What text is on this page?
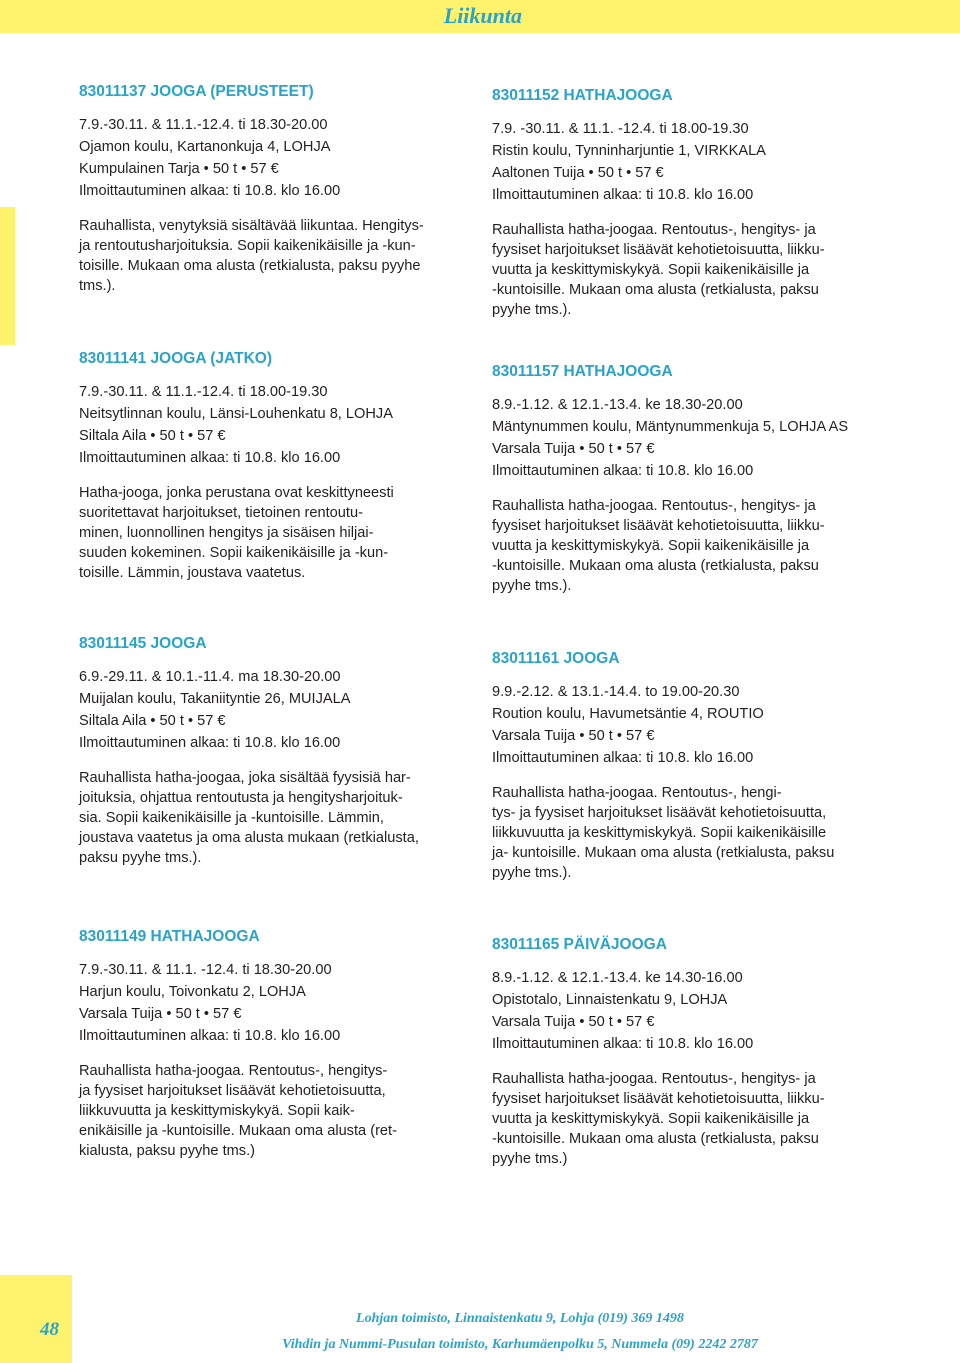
Liikunta
83011137 JOOGA (PERUSTEET)
7.9.-30.11. & 11.1.-12.4. ti 18.30-20.00
Ojamon koulu, Kartanonkuja 4, LOHJA
Kumpulainen Tarja • 50 t • 57 €
Ilmoittautuminen alkaa: ti 10.8. klo 16.00
Rauhallista, venytyksiä sisältävää liikuntaa. Hengitys-
ja rentoutusharjoituksia. Sopii kaikenikäisille ja -kun-
toisille. Mukaan oma alusta (retkialusta, paksu pyyhe
tms.).
83011141 JOOGA (JATKO)
7.9.-30.11. & 11.1.-12.4. ti 18.00-19.30
Neitsytlinnan koulu, Länsi-Louhenkatu 8, LOHJA
Siltala Aila • 50 t • 57 €
Ilmoittautuminen alkaa: ti 10.8. klo 16.00
Hatha-jooga, jonka perustana ovat keskittyneesti
suoritettavat harjoitukset, tietoinen rentoutu-
minen, luonnollinen hengitys ja sisäisen hiljai-
suuden kokeminen. Sopii kaikenikäisille ja -kun-
toisille. Lämmin, joustava vaatetus.
83011145 JOOGA
6.9.-29.11. & 10.1.-11.4. ma 18.30-20.00
Muijalan koulu, Takaniityntie 26, MUIJALA
Siltala Aila • 50 t • 57 €
Ilmoittautuminen alkaa: ti 10.8. klo 16.00
Rauhallista hatha-joogaa, joka sisältää fyysisiä har-
joituksia, ohjattua rentoutusta ja hengitysharjoituk-
sia. Sopii kaikenikäisille ja -kuntoisille. Lämmin,
joustava vaatetus ja oma alusta mukaan (retkialusta,
paksu pyyhe tms.).
83011149 HATHAJOOGA
7.9.-30.11. & 11.1. -12.4. ti 18.30-20.00
Harjun koulu, Toivonkatu 2, LOHJA
Varsala Tuija • 50 t • 57 €
Ilmoittautuminen alkaa: ti 10.8. klo 16.00
Rauhallista hatha-joogaa. Rentoutus-, hengitys-
ja fyysiset harjoitukset lisäävät kehotietoisuutta,
liikkuvuutta ja keskittymiskykyä. Sopii kaik-
enikäisille ja -kuntoisille. Mukaan oma alusta (ret-
kialusta, paksu pyyhe tms.)
83011152 HATHAJOOGA
7.9. -30.11. & 11.1. -12.4. ti 18.00-19.30
Ristin koulu, Tynninharjuntie 1, VIRKKALA
Aaltonen Tuija • 50 t • 57 €
Ilmoittautuminen alkaa: ti 10.8. klo 16.00
Rauhallista hatha-joogaa. Rentoutus-, hengitys- ja
fyysiset harjoitukset lisäävät kehotietoisuutta, liikku-
vuutta ja keskittymiskykyä. Sopii kaikenikäisille ja
-kuntoisille. Mukaan oma alusta (retkialusta, paksu
pyyhe tms.).
83011157 HATHAJOOGA
8.9.-1.12. & 12.1.-13.4. ke 18.30-20.00
Mäntynummen koulu, Mäntynummenkuja 5, LOHJA AS
Varsala Tuija • 50 t • 57 €
Ilmoittautuminen alkaa: ti 10.8. klo 16.00
Rauhallista hatha-joogaa. Rentoutus-, hengitys- ja
fyysiset harjoitukset lisäävät kehotietoisuutta, liikku-
vuutta ja keskittymiskykyä. Sopii kaikenikäisille ja
-kuntoisille. Mukaan oma alusta (retkialusta, paksu
pyyhe tms.).
83011161 JOOGA
9.9.-2.12. & 13.1.-14.4. to 19.00-20.30
Roution koulu, Havumetsäntie 4, ROUTIO
Varsala Tuija • 50 t • 57 €
Ilmoittautuminen alkaa: ti 10.8. klo 16.00
Rauhallista hatha-joogaa. Rentoutus-, hengi-
tys- ja fyysiset harjoitukset lisäävät kehotietoisuutta,
liikkuvuutta ja keskittymiskykyä. Sopii kaikenikäisille
ja- kuntoisille. Mukaan oma alusta (retkialusta, paksu
pyyhe tms.).
83011165 PÄIVÄJOOGA
8.9.-1.12. & 12.1.-13.4. ke 14.30-16.00
Opistotalo, Linnaistenkatu 9, LOHJA
Varsala Tuija • 50 t • 57 €
Ilmoittautuminen alkaa: ti 10.8. klo 16.00
Rauhallista hatha-joogaa. Rentoutus-, hengitys- ja
fyysiset harjoitukset lisäävät kehotietoisuutta, liikku-
vuutta ja keskittymiskykyä. Sopii kaikenikäisille ja
-kuntoisille. Mukaan oma alusta (retkialusta, paksu
pyyhe tms.)
48
Lohjan toimisto, Linnaistenkatu 9, Lohja (019) 369 1498
Vihdin ja Nummi-Pusulan toimisto, Karhumäenpolku 5, Nummela (09) 2242 2787
